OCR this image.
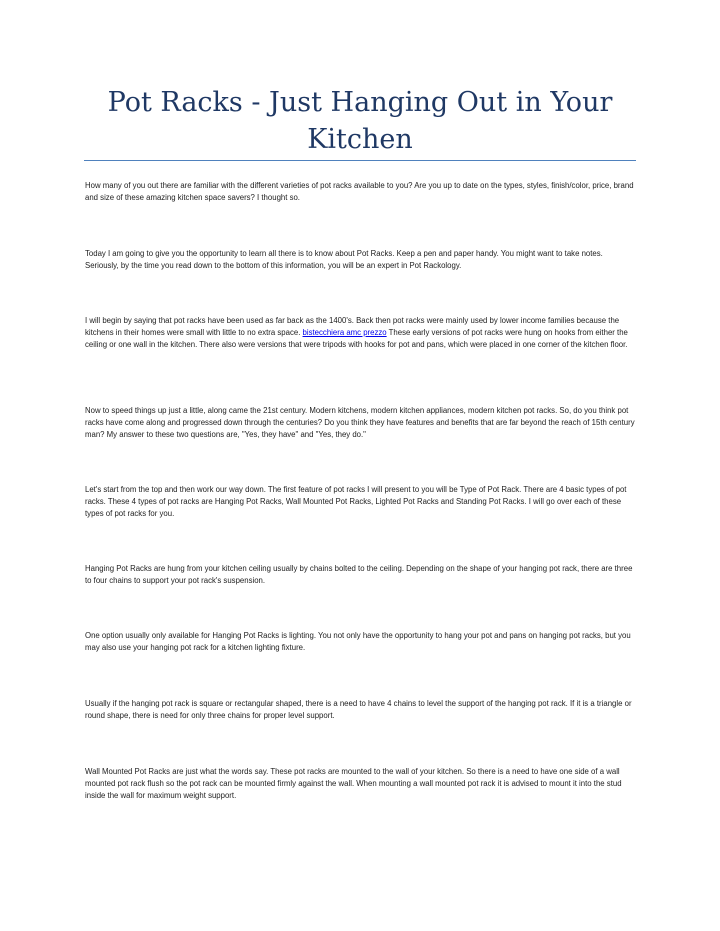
Pot Racks - Just Hanging Out in Your Kitchen

How many of you out there are familiar with the different varieties of pot racks available to you? Are you up to date on the types, styles, finish/color, price, brand and size of these amazing kitchen space savers? I thought so.

Today I am going to give you the opportunity to learn all there is to know about Pot Racks. Keep a pen and paper handy. You might want to take notes. Seriously, by the time you read down to the bottom of this information, you will be an expert in Pot Rackology.

I will begin by saying that pot racks have been used as far back as the 1400's. Back then pot racks were mainly used by lower income families because the kitchens in their homes were small with little to no extra space. bistecchiera amc prezzo These early versions of pot racks were hung on hooks from either the ceiling or one wall in the kitchen. There also were versions that were tripods with hooks for pot and pans, which were placed in one corner of the kitchen floor.

Now to speed things up just a little, along came the 21st century. Modern kitchens, modern kitchen appliances, modern kitchen pot racks. So, do you think pot racks have come along and progressed down through the centuries? Do you think they have features and benefits that are far beyond the reach of 15th century man? My answer to these two questions are, "Yes, they have" and "Yes, they do."

Let's start from the top and then work our way down. The first feature of pot racks I will present to you will be Type of Pot Rack. There are 4 basic types of pot racks. These 4 types of pot racks are Hanging Pot Racks, Wall Mounted Pot Racks, Lighted Pot Racks and Standing Pot Racks. I will go over each of these types of pot racks for you.

Hanging Pot Racks are hung from your kitchen ceiling usually by chains bolted to the ceiling. Depending on the shape of your hanging pot rack, there are three to four chains to support your pot rack's suspension.

One option usually only available for Hanging Pot Racks is lighting. You not only have the opportunity to hang your pot and pans on hanging pot racks, but you may also use your hanging pot rack for a kitchen lighting fixture.

Usually if the hanging pot rack is square or rectangular shaped, there is a need to have 4 chains to level the support of the hanging pot rack. If it is a triangle or round shape, there is need for only three chains for proper level support.

Wall Mounted Pot Racks are just what the words say. These pot racks are mounted to the wall of your kitchen. So there is a need to have one side of a wall mounted pot rack flush so the pot rack can be mounted firmly against the wall. When mounting a wall mounted pot rack it is advised to mount it into the stud inside the wall for maximum weight support.
